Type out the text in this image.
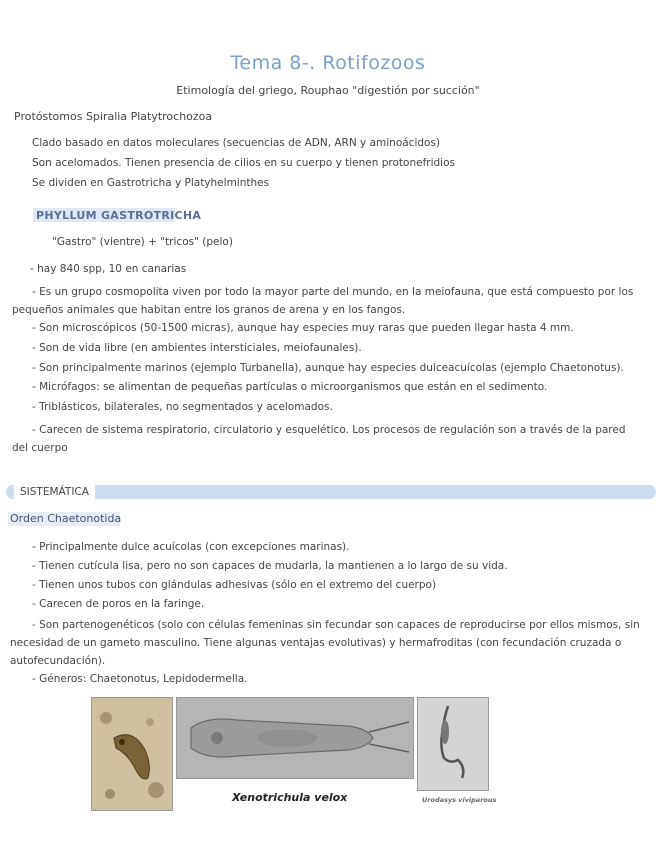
Tema 8-. Rotifozoos
Etimología del griego, Rouphao "digestión por succión"
Protóstomos Spiralia Platytrochozoa
Clado basado en datos moleculares (secuencias de ADN, ARN y aminoácidos)
Son acelomados. Tienen presencia de cilios en su cuerpo y tienen protonefridios
Se dividen en Gastrotricha y Platyhelminthes
PHYLLUM GASTROTRICHA
"Gastro" (vientre) + "tricos" (pelo)
- hay 840 spp, 10 en canarias
- Es un grupo cosmopolita viven por todo la mayor parte del mundo, en la meiofauna, que está compuesto por los pequeños animales que habitan entre los granos de arena y en los fangos.
- Son microscópicos (50-1500 micras), aunque hay especies muy raras que pueden llegar hasta 4 mm.
- Son de vida libre (en ambientes intersticiales, meiofaunales).
- Son principalmente marinos (ejemplo Turbanella), aunque hay especies dulceacuícolas (ejemplo Chaetonotus).
- Micrófagos: se alimentan de pequeñas partículas o microorganismos que están en el sedimento.
- Triblásticos, bilaterales, no segmentados y acelomados.
- Carecen de sistema respiratorio, circulatorio y esquelético. Los procesos de regulación son a través de la pared del cuerpo
SISTEMÁTICA
Orden Chaetonotida
- Principalmente dulce acuícolas (con excepciones marinas).
- Tienen cutícula lisa, pero no son capaces de mudarla, la mantienen a lo largo de su vida.
- Tienen unos tubos con glándulas adhesivas (sólo en el extremo del cuerpo)
- Carecen de poros en la faringe.
- Son partenogenéticos (solo con células femeninas sin fecundar son capaces de reproducirse por ellos mismos, sin necesidad de un gameto masculino. Tiene algunas ventajas evolutivas) y hermafroditas (con fecundación cruzada o autofecundación).
- Géneros: Chaetonotus, Lepidodermella.
Xenotrichula velox	Urodasys viviparous
